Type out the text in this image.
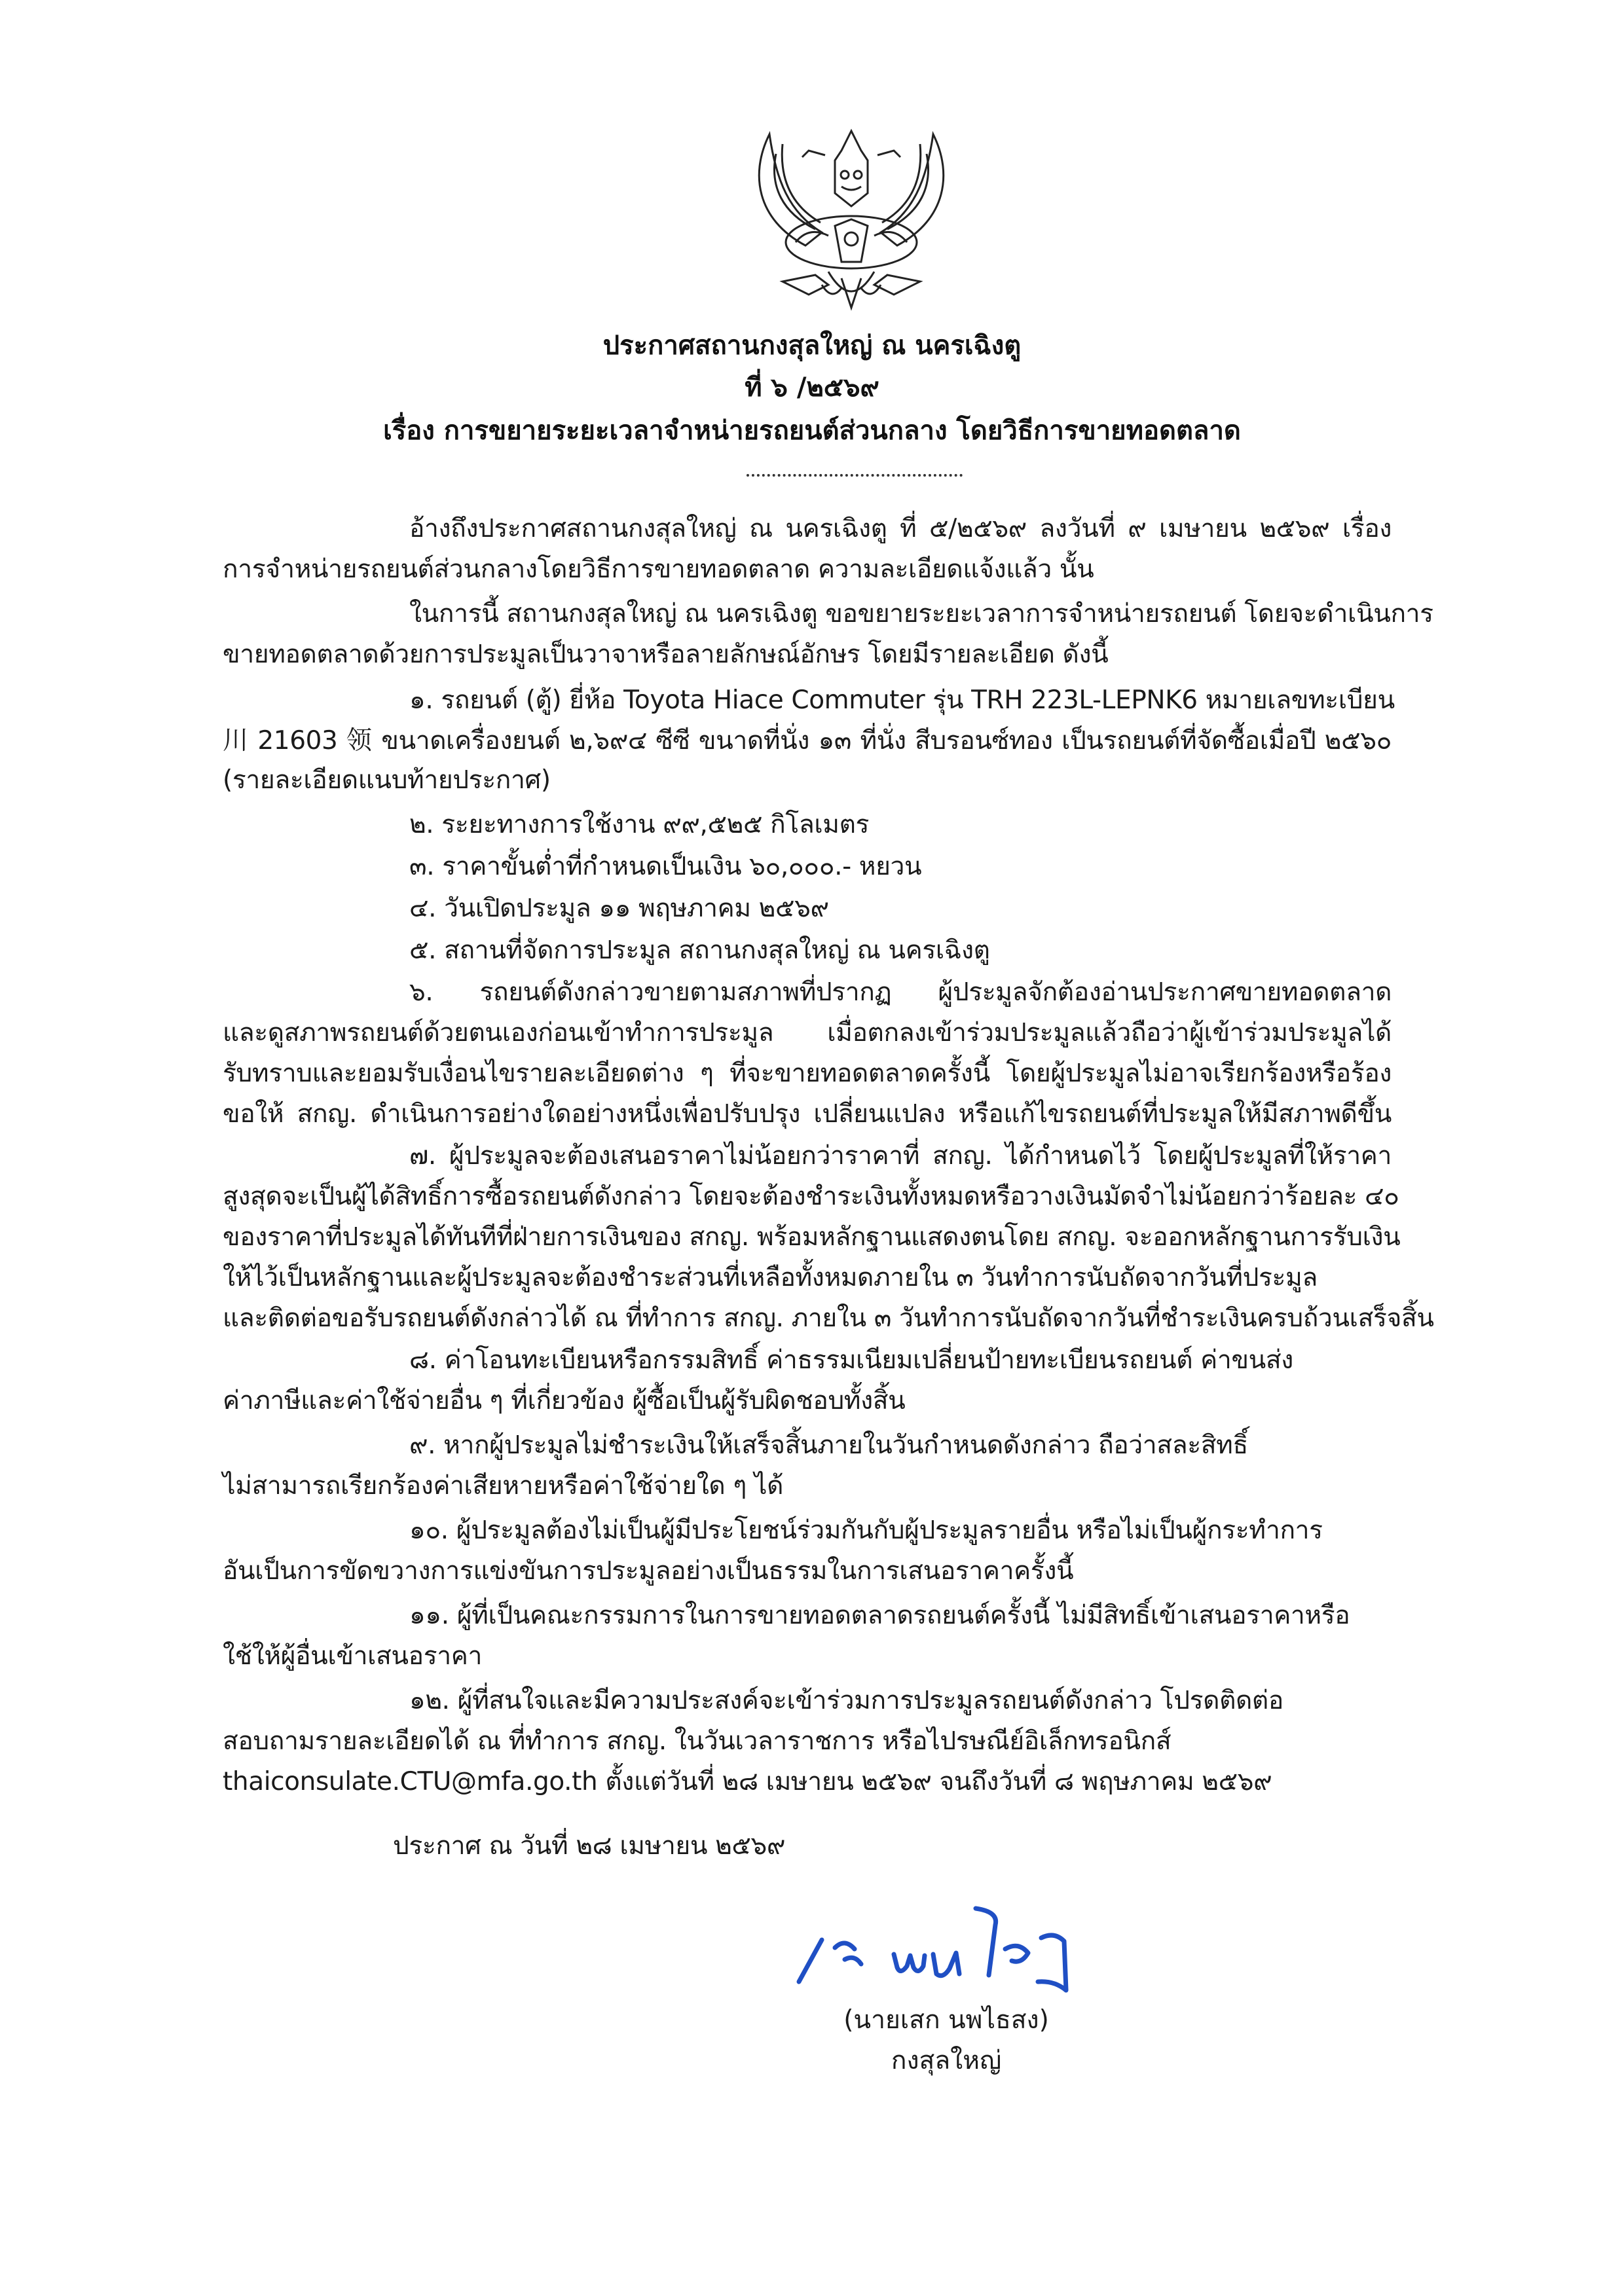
ประกาศสถานกงสุลใหญ่ ณ นครเฉิงตู
ที่ ๖ /๒๕๖๙
เรื่อง การขยายระยะเวลาจำหน่ายรถยนต์ส่วนกลาง โดยวิธีการขายทอดตลาด
อ้างถึงประกาศสถานกงสุลใหญ่ ณ นครเฉิงตู ที่ ๕/๒๕๖๙ ลงวันที่ ๙ เมษายน ๒๕๖๙ เรื่อง
การจำหน่ายรถยนต์ส่วนกลางโดยวิธีการขายทอดตลาด ความละเอียดแจ้งแล้ว นั้น
ในการนี้ สถานกงสุลใหญ่ ณ นครเฉิงตู ขอขยายระยะเวลาการจำหน่ายรถยนต์ โดยจะดำเนินการ
ขายทอดตลาดด้วยการประมูลเป็นวาจาหรือลายลักษณ์อักษร โดยมีรายละเอียด ดังนี้
๑. รถยนต์ (ตู้) ยี่ห้อ Toyota Hiace Commuter รุ่น TRH 223L-LEPNK6 หมายเลขทะเบียน
川 21603 领 ขนาดเครื่องยนต์ ๒,๖๙๔ ซีซี ขนาดที่นั่ง ๑๓ ที่นั่ง สีบรอนซ์ทอง เป็นรถยนต์ที่จัดซื้อเมื่อปี ๒๕๖๐
(รายละเอียดแนบท้ายประกาศ)
๒. ระยะทางการใช้งาน ๙๙,๕๒๕ กิโลเมตร
๓. ราคาขั้นต่ำที่กำหนดเป็นเงิน ๖๐,๐๐๐.- หยวน
๔. วันเปิดประมูล ๑๑ พฤษภาคม ๒๕๖๙
๕. สถานที่จัดการประมูล สถานกงสุลใหญ่ ณ นครเฉิงตู
๖. รถยนต์ดังกล่าวขายตามสภาพที่ปรากฏ ผู้ประมูลจักต้องอ่านประกาศขายทอดตลาด
และดูสภาพรถยนต์ด้วยตนเองก่อนเข้าทำการประมูล เมื่อตกลงเข้าร่วมประมูลแล้วถือว่าผู้เข้าร่วมประมูลได้
รับทราบและยอมรับเงื่อนไขรายละเอียดต่าง ๆ ที่จะขายทอดตลาดครั้งนี้ โดยผู้ประมูลไม่อาจเรียกร้องหรือร้อง
ขอให้ สกญ. ดำเนินการอย่างใดอย่างหนึ่งเพื่อปรับปรุง เปลี่ยนแปลง หรือแก้ไขรถยนต์ที่ประมูลให้มีสภาพดีขึ้น
๗. ผู้ประมูลจะต้องเสนอราคาไม่น้อยกว่าราคาที่ สกญ. ได้กำหนดไว้ โดยผู้ประมูลที่ให้ราคา
สูงสุดจะเป็นผู้ได้สิทธิ์การซื้อรถยนต์ดังกล่าว โดยจะต้องชำระเงินทั้งหมดหรือวางเงินมัดจำไม่น้อยกว่าร้อยละ ๔๐
ของราคาที่ประมูลได้ทันทีที่ฝ่ายการเงินของ สกญ. พร้อมหลักฐานแสดงตนโดย สกญ. จะออกหลักฐานการรับเงิน
ให้ไว้เป็นหลักฐานและผู้ประมูลจะต้องชำระส่วนที่เหลือทั้งหมดภายใน ๓ วันทำการนับถัดจากวันที่ประมูล
และติดต่อขอรับรถยนต์ดังกล่าวได้ ณ ที่ทำการ สกญ. ภายใน ๓ วันทำการนับถัดจากวันที่ชำระเงินครบถ้วนเสร็จสิ้น
๘. ค่าโอนทะเบียนหรือกรรมสิทธิ์ ค่าธรรมเนียมเปลี่ยนป้ายทะเบียนรถยนต์ ค่าขนส่ง
ค่าภาษีและค่าใช้จ่ายอื่น ๆ ที่เกี่ยวข้อง ผู้ซื้อเป็นผู้รับผิดชอบทั้งสิ้น
๙. หากผู้ประมูลไม่ชำระเงินให้เสร็จสิ้นภายในวันกำหนดดังกล่าว ถือว่าสละสิทธิ์
ไม่สามารถเรียกร้องค่าเสียหายหรือค่าใช้จ่ายใด ๆ ได้
๑๐. ผู้ประมูลต้องไม่เป็นผู้มีประโยชน์ร่วมกันกับผู้ประมูลรายอื่น หรือไม่เป็นผู้กระทำการ
อันเป็นการขัดขวางการแข่งขันการประมูลอย่างเป็นธรรมในการเสนอราคาครั้งนี้
๑๑. ผู้ที่เป็นคณะกรรมการในการขายทอดตลาดรถยนต์ครั้งนี้ ไม่มีสิทธิ์เข้าเสนอราคาหรือ
ใช้ให้ผู้อื่นเข้าเสนอราคา
๑๒. ผู้ที่สนใจและมีความประสงค์จะเข้าร่วมการประมูลรถยนต์ดังกล่าว โปรดติดต่อ
สอบถามรายละเอียดได้ ณ ที่ทำการ สกญ. ในวันเวลาราชการ หรือไปรษณีย์อิเล็กทรอนิกส์
thaiconsulate.CTU@mfa.go.th ตั้งแต่วันที่ ๒๘ เมษายน ๒๕๖๙ จนถึงวันที่ ๘ พฤษภาคม ๒๕๖๙
ประกาศ ณ วันที่ ๒๘ เมษายน ๒๕๖๙
(นายเสก นพไธสง)
กงสุลใหญ่
